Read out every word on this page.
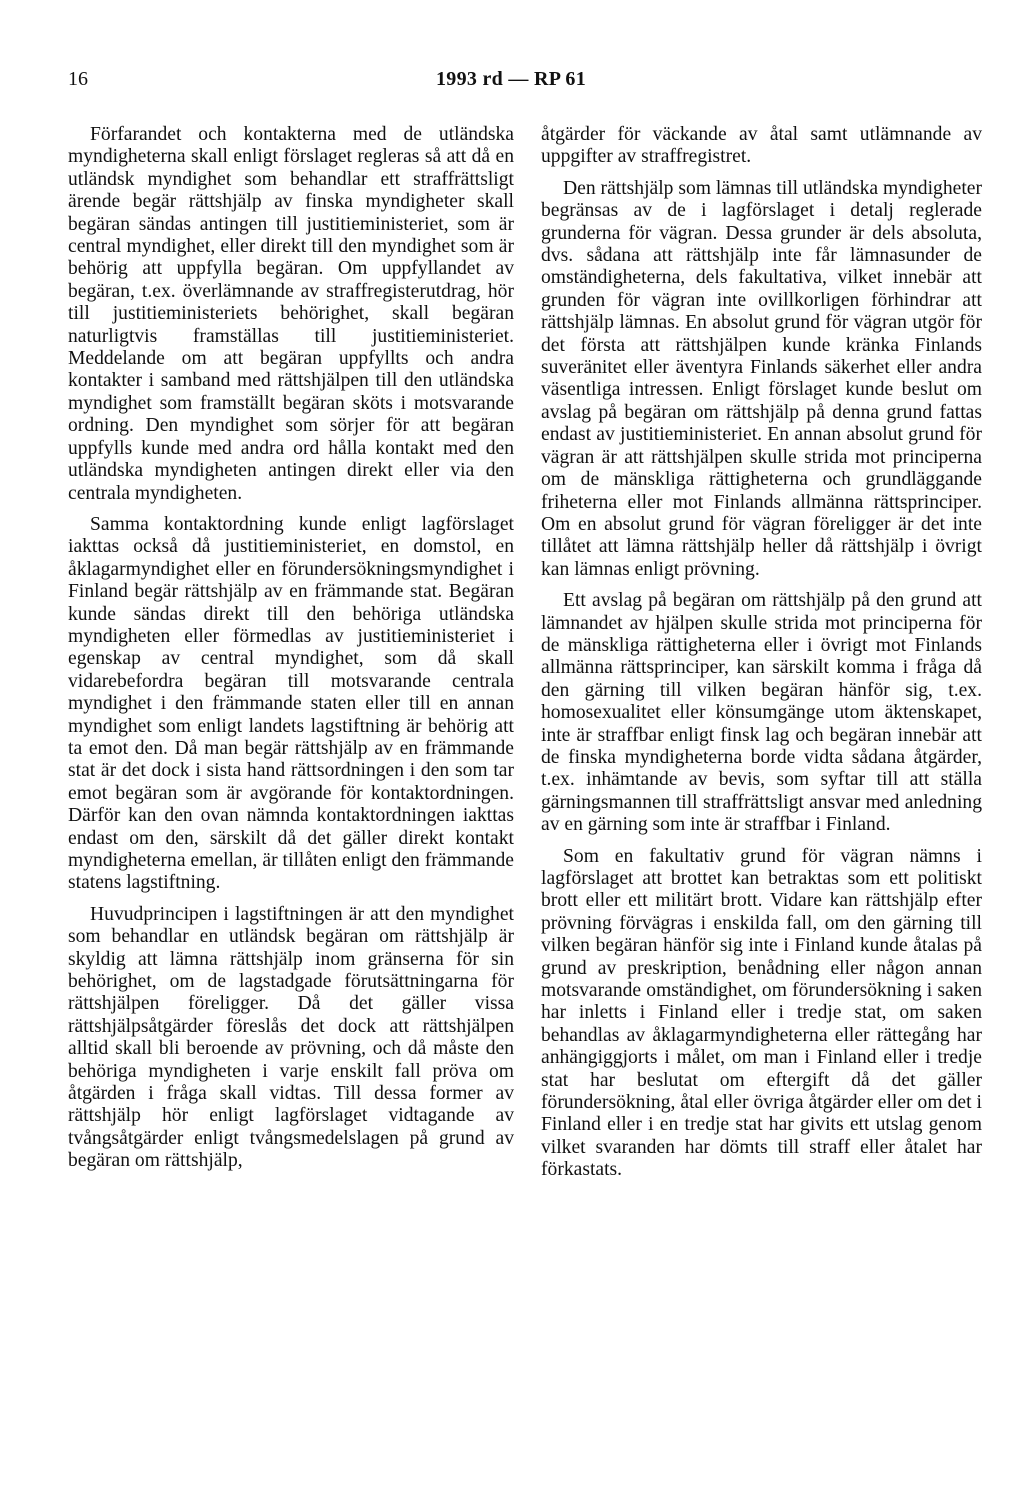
16	1993 rd — RP 61

Förfarandet och kontakterna med de utländska myndigheterna skall enligt förslaget regleras så att då en utländsk myndighet som behandlar ett straffrättsligt ärende begär rättshjälp av finska myndigheter skall begäran sändas antingen till justitieministeriet, som är central myndighet, eller direkt till den myndighet som är behörig att uppfylla begäran. Om uppfyllandet av begäran, t.ex. överlämnande av straffregisterutdrag, hör till justitieministeriets behörighet, skall begäran naturligtvis framställas till justitieministeriet. Meddelande om att begäran uppfyllts och andra kontakter i samband med rättshjälpen till den utländska myndighet som framställt begäran sköts i motsvarande ordning. Den myndighet som sörjer för att begäran uppfylls kunde med andra ord hålla kontakt med den utländska myndigheten antingen direkt eller via den centrala myndigheten.

Samma kontaktordning kunde enligt lagförslaget iakttas också då justitieministeriet, en domstol, en åklagarmyndighet eller en förundersökningsmyndighet i Finland begär rättshjälp av en främmande stat. Begäran kunde sändas direkt till den behöriga utländska myndigheten eller förmedlas av justitieministeriet i egenskap av central myndighet, som då skall vidarebefordra begäran till motsvarande centrala myndighet i den främmande staten eller till en annan myndighet som enligt landets lagstiftning är behörig att ta emot den. Då man begär rättshjälp av en främmande stat är det dock i sista hand rättsordningen i den som tar emot begäran som är avgörande för kontaktordningen. Därför kan den ovan nämnda kontaktordningen iakttas endast om den, särskilt då det gäller direkt kontakt myndigheterna emellan, är tillåten enligt den främmande statens lagstiftning.

Huvudprincipen i lagstiftningen är att den myndighet som behandlar en utländsk begäran om rättshjälp är skyldig att lämna rättshjälp inom gränserna för sin behörighet, om de lagstadgade förutsättningarna för rättshjälpen föreligger. Då det gäller vissa rättshjälpsåtgärder föreslås det dock att rättshjälpen alltid skall bli beroende av prövning, och då måste den behöriga myndigheten i varje enskilt fall pröva om åtgärden i fråga skall vidtas. Till dessa former av rättshjälp hör enligt lagförslaget vidtagande av tvångsåtgärder enligt tvångsmedelslagen på grund av begäran om rättshjälp,

åtgärder för väckande av åtal samt utlämnande av uppgifter av straffregistret.

Den rättshjälp som lämnas till utländska myndigheter begränsas av de i lagförslaget i detalj reglerade grunderna för vägran. Dessa grunder är dels absoluta, dvs. sådana att rättshjälp inte får lämnasunder de omständigheterna, dels fakultativa, vilket innebär att grunden för vägran inte ovillkorligen förhindrar att rättshjälp lämnas. En absolut grund för vägran utgör för det första att rättshjälpen kunde kränka Finlands suveränitet eller äventyra Finlands säkerhet eller andra väsentliga intressen. Enligt förslaget kunde beslut om avslag på begäran om rättshjälp på denna grund fattas endast av justitieministeriet. En annan absolut grund för vägran är att rättshjälpen skulle strida mot principerna om de mänskliga rättigheterna och grundläggande friheterna eller mot Finlands allmänna rättsprinciper. Om en absolut grund för vägran föreligger är det inte tillåtet att lämna rättshjälp heller då rättshjälp i övrigt kan lämnas enligt prövning.

Ett avslag på begäran om rättshjälp på den grund att lämnandet av hjälpen skulle strida mot principerna för de mänskliga rättigheterna eller i övrigt mot Finlands allmänna rättsprinciper, kan särskilt komma i fråga då den gärning till vilken begäran hänför sig, t.ex. homosexualitet eller könsumgänge utom äktenskapet, inte är straffbar enligt finsk lag och begäran innebär att de finska myndigheterna borde vidta sådana åtgärder, t.ex. inhämtande av bevis, som syftar till att ställa gärningsmannen till straffrättsligt ansvar med anledning av en gärning som inte är straffbar i Finland.

Som en fakultativ grund för vägran nämns i lagförslaget att brottet kan betraktas som ett politiskt brott eller ett militärt brott. Vidare kan rättshjälp efter prövning förvägras i enskilda fall, om den gärning till vilken begäran hänför sig inte i Finland kunde åtalas på grund av preskription, benådning eller någon annan motsvarande omständighet, om förundersökning i saken har inletts i Finland eller i tredje stat, om saken behandlas av åklagarmyndigheterna eller rättegång har anhängiggjorts i målet, om man i Finland eller i tredje stat har beslutat om eftergift då det gäller förundersökning, åtal eller övriga åtgärder eller om det i Finland eller i en tredje stat har givits ett utslag genom vilket svaranden har dömts till straff eller åtalet har förkastats.
